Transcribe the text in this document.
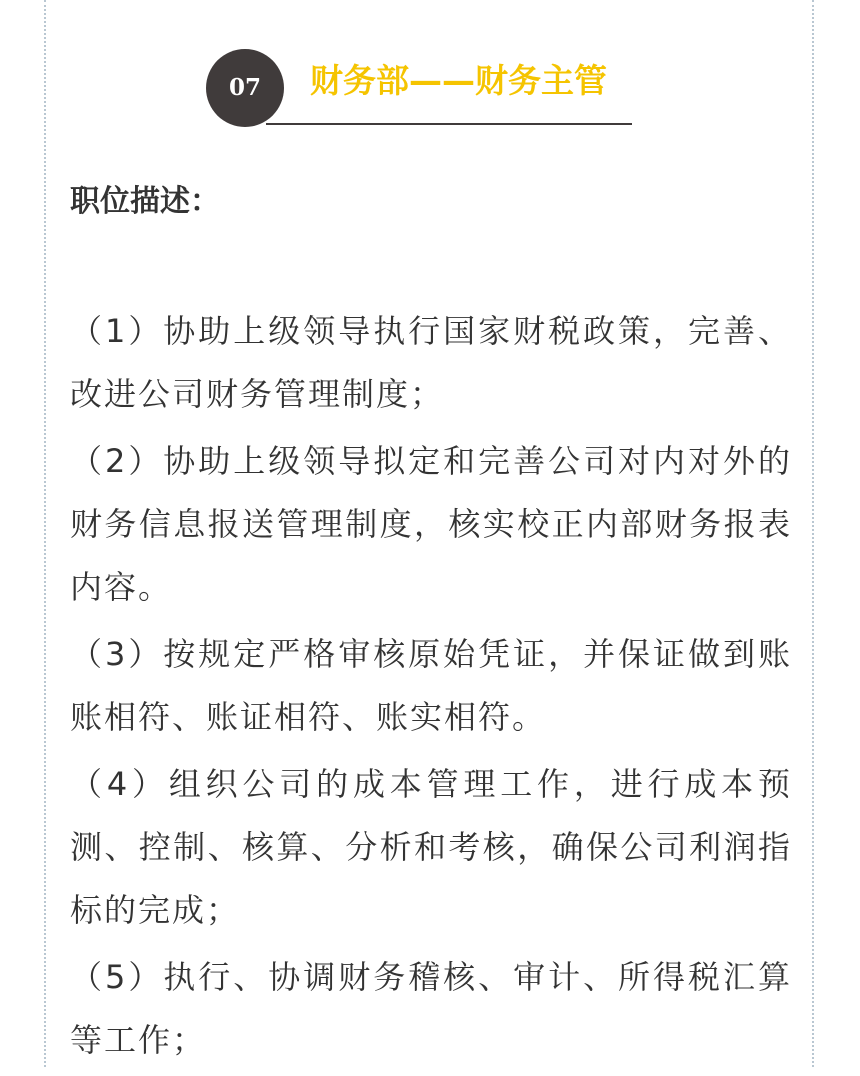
07	财务部——财务主管
职位描述：
（1）协助上级领导执行国家财税政策，完善、改进公司财务管理制度；
（2）协助上级领导拟定和完善公司对内对外的财务信息报送管理制度，核实校正内部财务报表内容。
（3）按规定严格审核原始凭证，并保证做到账账相符、账证相符、账实相符。
（4）组织公司的成本管理工作，进行成本预测、控制、核算、分析和考核，确保公司利润指标的完成；
（5）执行、协调财务稽核、审计、所得税汇算等工作；
